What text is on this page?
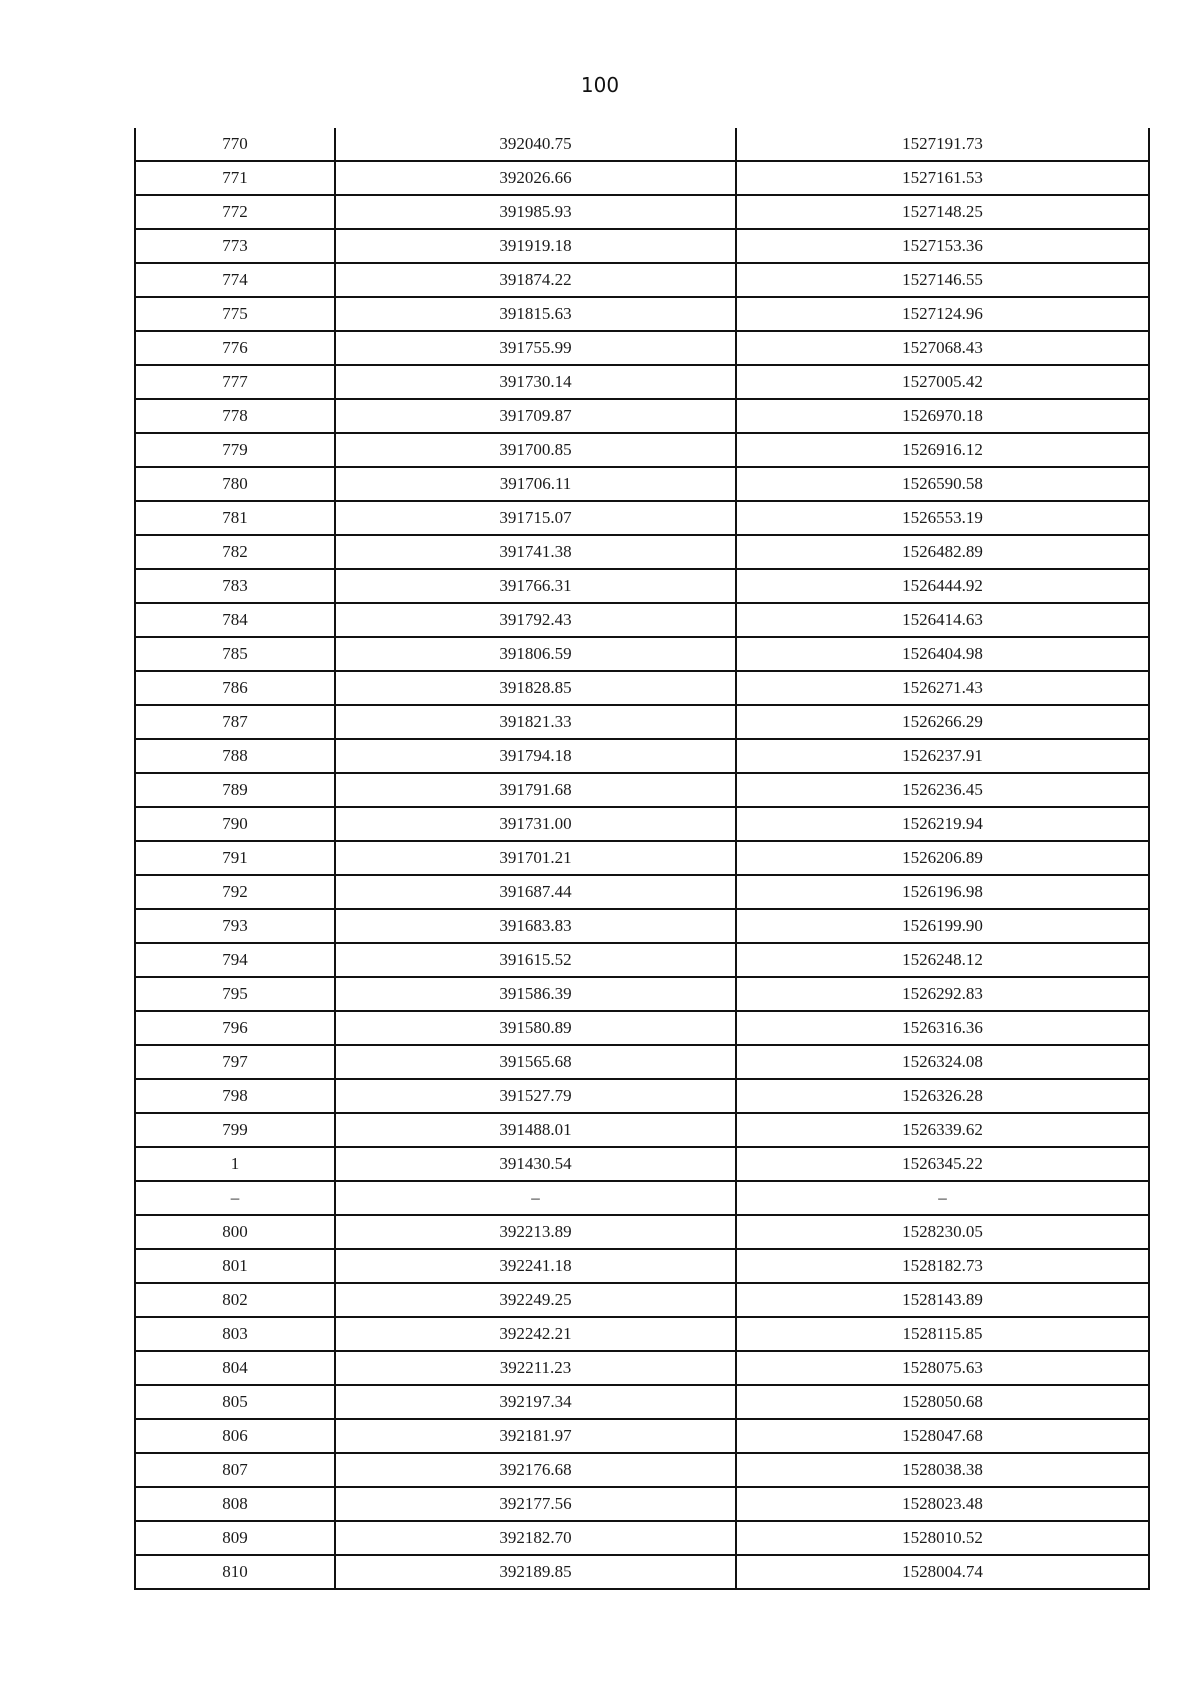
100
770	392040.75	1527191.73
771	392026.66	1527161.53
772	391985.93	1527148.25
773	391919.18	1527153.36
774	391874.22	1527146.55
775	391815.63	1527124.96
776	391755.99	1527068.43
777	391730.14	1527005.42
778	391709.87	1526970.18
779	391700.85	1526916.12
780	391706.11	1526590.58
781	391715.07	1526553.19
782	391741.38	1526482.89
783	391766.31	1526444.92
784	391792.43	1526414.63
785	391806.59	1526404.98
786	391828.85	1526271.43
787	391821.33	1526266.29
788	391794.18	1526237.91
789	391791.68	1526236.45
790	391731.00	1526219.94
791	391701.21	1526206.89
792	391687.44	1526196.98
793	391683.83	1526199.90
794	391615.52	1526248.12
795	391586.39	1526292.83
796	391580.89	1526316.36
797	391565.68	1526324.08
798	391527.79	1526326.28
799	391488.01	1526339.62
1	391430.54	1526345.22
–	–	–
800	392213.89	1528230.05
801	392241.18	1528182.73
802	392249.25	1528143.89
803	392242.21	1528115.85
804	392211.23	1528075.63
805	392197.34	1528050.68
806	392181.97	1528047.68
807	392176.68	1528038.38
808	392177.56	1528023.48
809	392182.70	1528010.52
810	392189.85	1528004.74
